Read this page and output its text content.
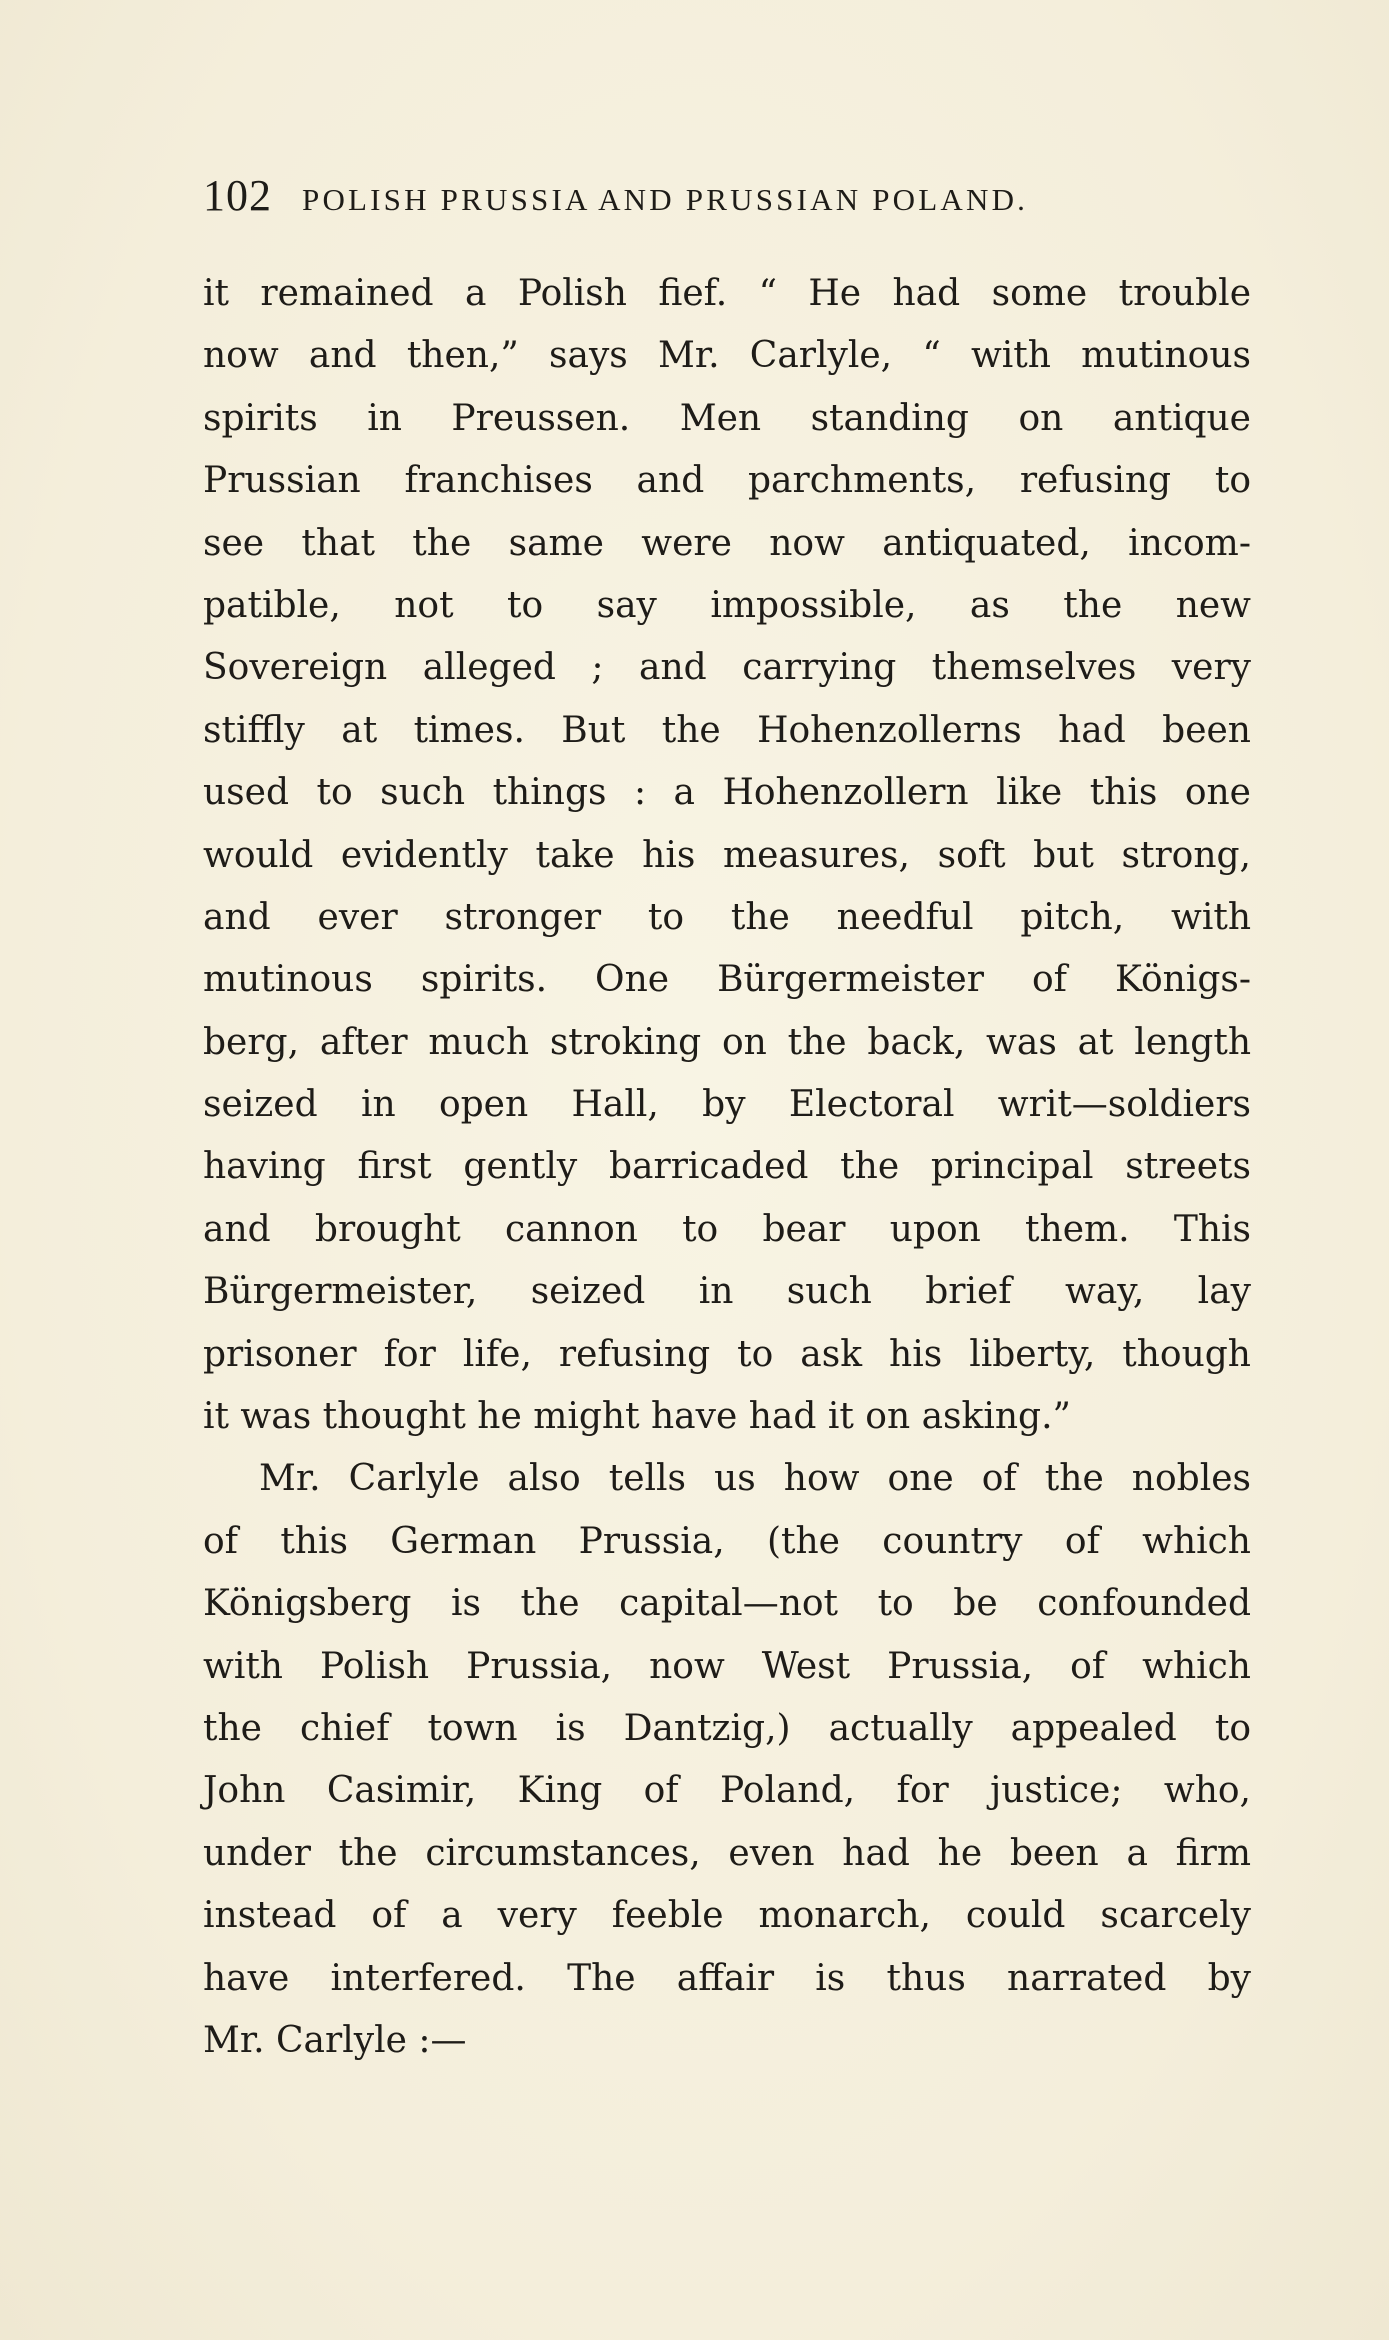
102 POLISH PRUSSIA AND PRUSSIAN POLAND.
it remained a Polish fief. “ He had some trouble
now and then,” says Mr. Carlyle, “ with mutinous
spirits in Preussen. Men standing on antique
Prussian franchises and parchments, refusing to
see that the same were now antiquated, incom-
patible, not to say impossible, as the new
Sovereign alleged ; and carrying themselves very
stiffly at times. But the Hohenzollerns had been
used to such things : a Hohenzollern like this one
would evidently take his measures, soft but strong,
and ever stronger to the needful pitch, with
mutinous spirits. One Bürgermeister of Königs-
berg, after much stroking on the back, was at length
seized in open Hall, by Electoral writ—soldiers
having first gently barricaded the principal streets
and brought cannon to bear upon them. This
Bürgermeister, seized in such brief way, lay
prisoner for life, refusing to ask his liberty, though
it was thought he might have had it on asking.”
Mr. Carlyle also tells us how one of the nobles
of this German Prussia, (the country of which
Königsberg is the capital—not to be confounded
with Polish Prussia, now West Prussia, of which
the chief town is Dantzig,) actually appealed to
John Casimir, King of Poland, for justice; who,
under the circumstances, even had he been a firm
instead of a very feeble monarch, could scarcely
have interfered. The affair is thus narrated by
Mr. Carlyle :—
